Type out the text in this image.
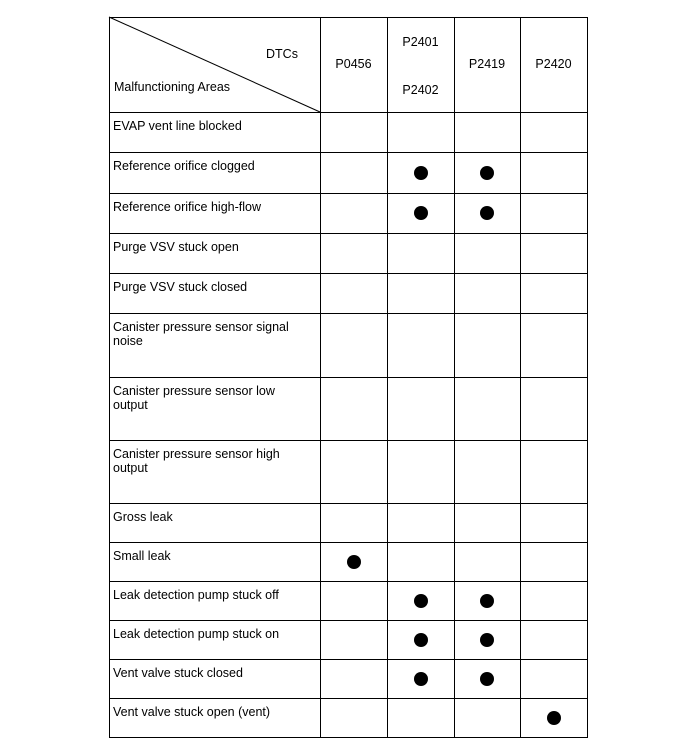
DTCs
Malfunctioning Areas
P0456
P2401
P2402
P2419	P2420
EVAP vent line blocked
Reference orifice clogged
Reference orifice high-flow
Purge VSV stuck open
Purge VSV stuck closed
Canister pressure sensor signal noise
Canister pressure sensor low output
Canister pressure sensor high output
Gross leak
Small leak
Leak detection pump stuck off
Leak detection pump stuck on
Vent valve stuck closed
Vent valve stuck open (vent)
